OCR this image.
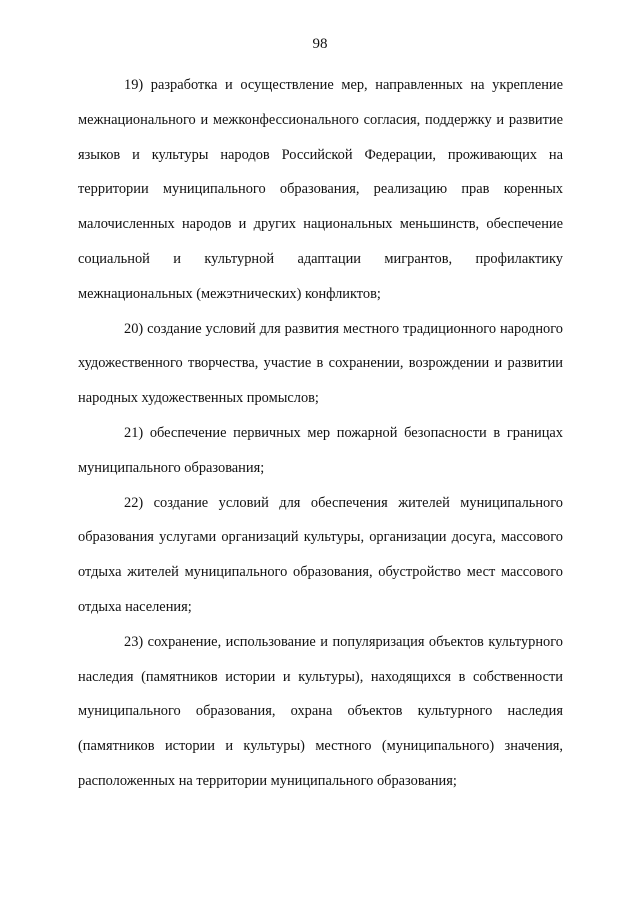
98

19) разработка и осуществление мер, направленных на укрепление межнационального и межконфессионального согласия, поддержку и развитие языков и культуры народов Российской Федерации, проживающих на территории муниципального образования, реализацию прав коренных малочисленных народов и других национальных меньшинств, обеспечение социальной и культурной адаптации мигрантов, профилактику межнациональных (межэтнических) конфликтов;

20) создание условий для развития местного традиционного народного художественного творчества, участие в сохранении, возрождении и развитии народных художественных промыслов;

21) обеспечение первичных мер пожарной безопасности в границах муниципального образования;

22) создание условий для обеспечения жителей муниципального образования услугами организаций культуры, организации досуга, массового отдыха жителей муниципального образования, обустройство мест массового отдыха населения;

23) сохранение, использование и популяризация объектов культурного наследия (памятников истории и культуры), находящихся в собственности муниципального образования, охрана объектов культурного наследия (памятников истории и культуры) местного (муниципального) значения, расположенных на территории муниципального образования;
